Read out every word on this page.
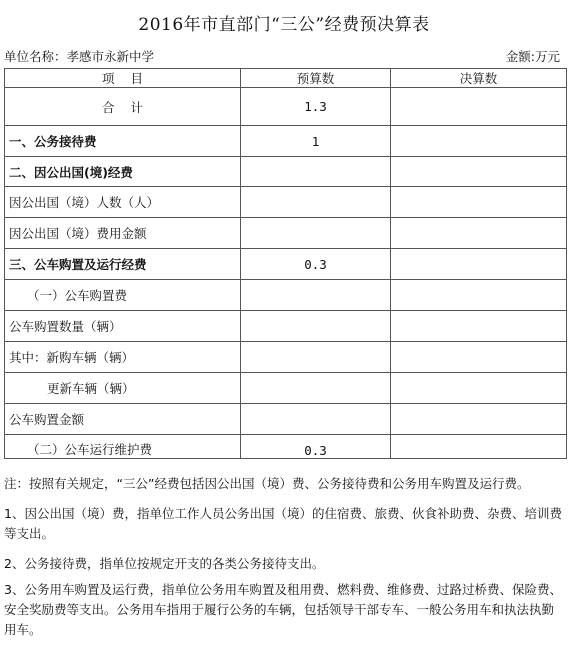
2016年市直部门“三公”经费预决算表
单位名称：孝感市永新中学	金额:万元
项    目	预算数	决算数
合    计	1.3	
一、公务接待费	1	
二、因公出国(境)经费		
因公出国（境）人数（人）		
因公出国（境）费用金额		
三、公车购置及运行经费	0.3	
（一）公车购置费		
公车购置数量（辆）		
其中：新购车辆（辆）		
更新车辆（辆）		
公车购置金额		
（二）公车运行维护费	0.3	

注：按照有关规定，“三公”经费包括因公出国（境）费、公务接待费和公务用车购置及运行费。

1、因公出国（境）费，指单位工作人员公务出国（境）的住宿费、旅费、伙食补助费、杂费、培训费等支出。

2、公务接待费，指单位按规定开支的各类公务接待支出。

3、公务用车购置及运行费，指单位公务用车购置及租用费、燃料费、维修费、过路过桥费、保险费、安全奖励费等支出。公务用车指用于履行公务的车辆，包括领导干部专车、一般公务用车和执法执勤用车。
